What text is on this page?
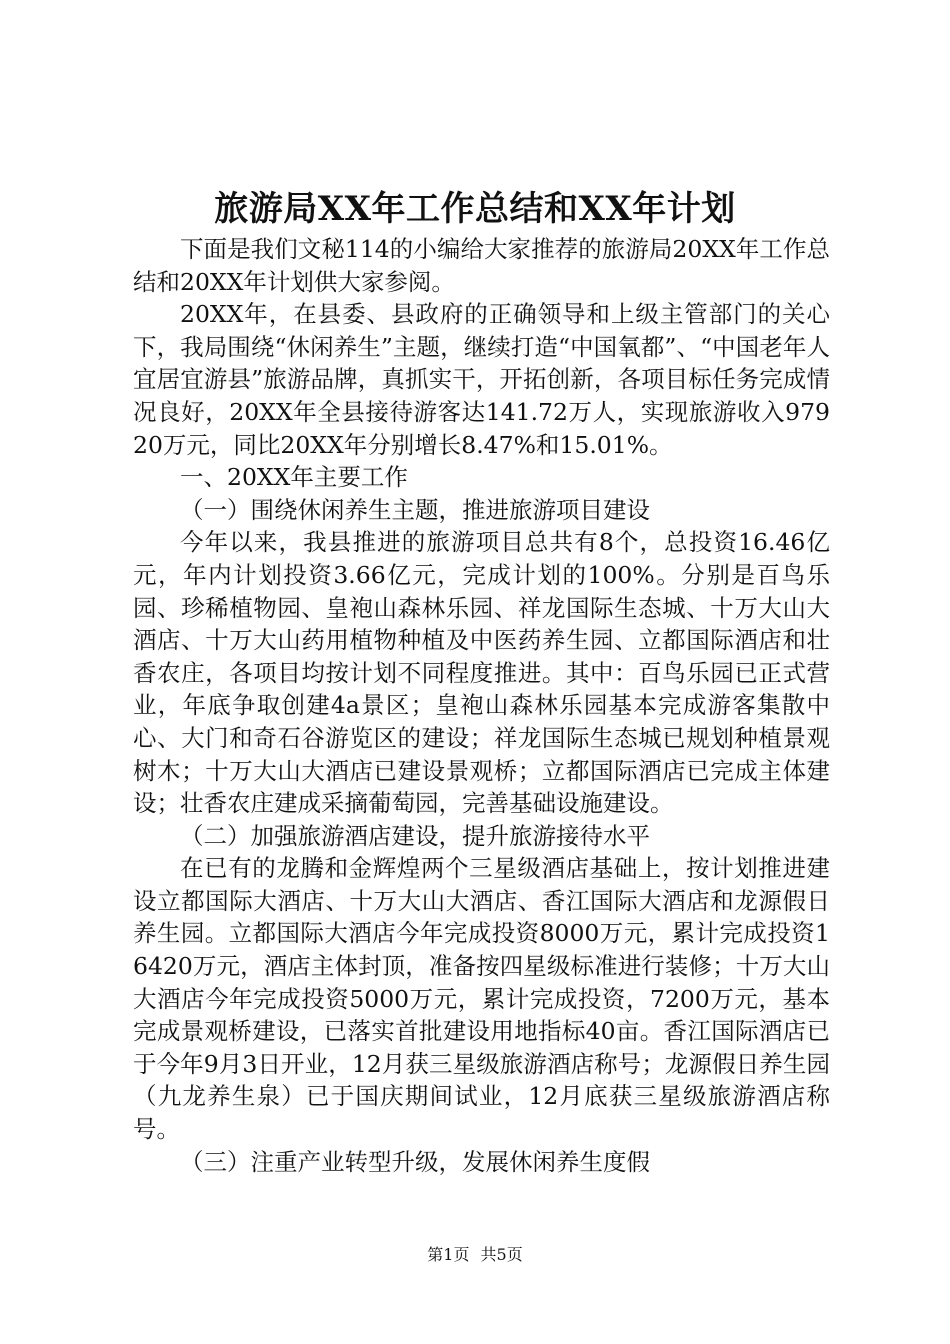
旅游局XX年工作总结和XX年计划

下面是我们文秘114的小编给大家推荐的旅游局20XX年工作总结和20XX年计划供大家参阅。

20XX年，在县委、县政府的正确领导和上级主管部门的关心下，我局围绕“休闲养生”主题，继续打造“中国氧都”、“中国老年人宜居宜游县”旅游品牌，真抓实干，开拓创新，各项目标任务完成情况良好，20XX年全县接待游客达141.72万人，实现旅游收入97920万元，同比20XX年分别增长8.47%和15.01%。

一、20XX年主要工作

（一）围绕休闲养生主题，推进旅游项目建设

今年以来，我县推进的旅游项目总共有8个，总投资16.46亿元，年内计划投资3.66亿元，完成计划的100%。分别是百鸟乐园、珍稀植物园、皇袍山森林乐园、祥龙国际生态城、十万大山大酒店、十万大山药用植物种植及中医药养生园、立都国际酒店和壮香农庄，各项目均按计划不同程度推进。其中：百鸟乐园已正式营业，年底争取创建4a景区；皇袍山森林乐园基本完成游客集散中心、大门和奇石谷游览区的建设；祥龙国际生态城已规划种植景观树木；十万大山大酒店已建设景观桥；立都国际酒店已完成主体建设；壮香农庄建成采摘葡萄园，完善基础设施建设。

（二）加强旅游酒店建设，提升旅游接待水平

在已有的龙腾和金辉煌两个三星级酒店基础上，按计划推进建设立都国际大酒店、十万大山大酒店、香江国际大酒店和龙源假日养生园。立都国际大酒店今年完成投资8000万元，累计完成投资16420万元，酒店主体封顶，准备按四星级标准进行装修；十万大山大酒店今年完成投资5000万元，累计完成投资，7200万元，基本完成景观桥建设，已落实首批建设用地指标40亩。香江国际酒店已于今年9月3日开业，12月获三星级旅游酒店称号；龙源假日养生园（九龙养生泉）已于国庆期间试业，12月底获三星级旅游酒店称号。

（三）注重产业转型升级，发展休闲养生度假

第1页 共5页
